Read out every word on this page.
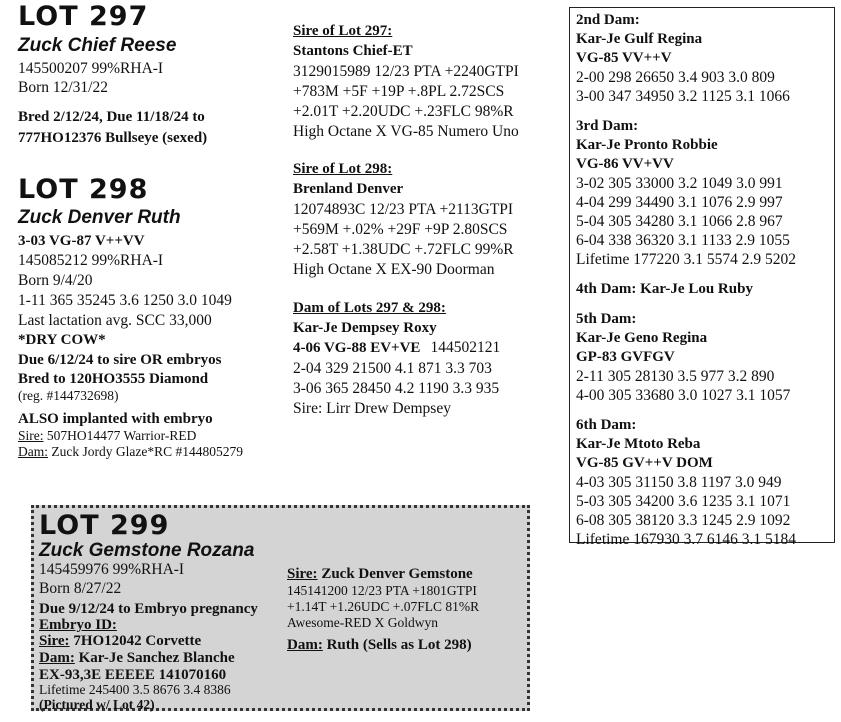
LOT 297
Zuck Chief Reese
145500207 99%RHA-I
Born 12/31/22
Bred 2/12/24, Due 11/18/24 to
777HO12376 Bullseye (sexed)
LOT 298
Zuck Denver Ruth
3-03 VG-87 V++VV
145085212 99%RHA-I
Born 9/4/20
1-11 365 35245 3.6 1250 3.0 1049
Last lactation avg. SCC 33,000
*DRY COW*
Due 6/12/24 to sire OR embryos
Bred to 120HO3555 Diamond
(reg. #144732698)
ALSO implanted with embryo
Sire: 507HO14477 Warrior-RED
Dam: Zuck Jordy Glaze*RC #144805279
Sire of Lot 297:
Stantons Chief-ET
3129015989 12/23 PTA +2240GTPI
+783M +5F +19P +.8PL 2.72SCS
+2.01T +2.20UDC +.23FLC 98%R
High Octane X VG-85 Numero Uno
Sire of Lot 298:
Brenland Denver
12074893C 12/23 PTA +2113GTPI
+569M +.02% +29F +9P 2.80SCS
+2.58T +1.38UDC +.72FLC 99%R
High Octane X EX-90 Doorman
Dam of Lots 297 & 298:
Kar-Je Dempsey Roxy
4-06 VG-88 EV+VE 144502121
2-04 329 21500 4.1 871 3.3 703
3-06 365 28450 4.2 1190 3.3 935
Sire: Lirr Drew Dempsey
2nd Dam:
Kar-Je Gulf Regina
VG-85 VV++V
2-00 298 26650 3.4 903 3.0 809
3-00 347 34950 3.2 1125 3.1 1066
3rd Dam:
Kar-Je Pronto Robbie
VG-86 VV+VV
3-02 305 33000 3.2 1049 3.0 991
4-04 299 34490 3.1 1076 2.9 997
5-04 305 34280 3.1 1066 2.8 967
6-04 338 36320 3.1 1133 2.9 1055
Lifetime 177220 3.1 5574 2.9 5202
4th Dam: Kar-Je Lou Ruby
5th Dam:
Kar-Je Geno Regina
GP-83 GVFGV
2-11 305 28130 3.5 977 3.2 890
4-00 305 33680 3.0 1027 3.1 1057
6th Dam:
Kar-Je Mtoto Reba
VG-85 GV++V DOM
4-03 305 31150 3.8 1197 3.0 949
5-03 305 34200 3.6 1235 3.1 1071
6-08 305 38120 3.3 1245 2.9 1092
Lifetime 167930 3.7 6146 3.1 5184
LOT 299
Zuck Gemstone Rozana
145459976 99%RHA-I
Born 8/27/22
Due 9/12/24 to Embryo pregnancy
Embryo ID:
Sire: 7HO12042 Corvette
Dam: Kar-Je Sanchez Blanche
EX-93,3E EEEEE 141070160
Lifetime 245400 3.5 8676 3.4 8386
(Pictured w/ Lot 42)
Sire: Zuck Denver Gemstone
145141200 12/23 PTA +1801GTPI
+1.14T +1.26UDC +.07FLC 81%R
Awesome-RED X Goldwyn
Dam: Ruth (Sells as Lot 298)
